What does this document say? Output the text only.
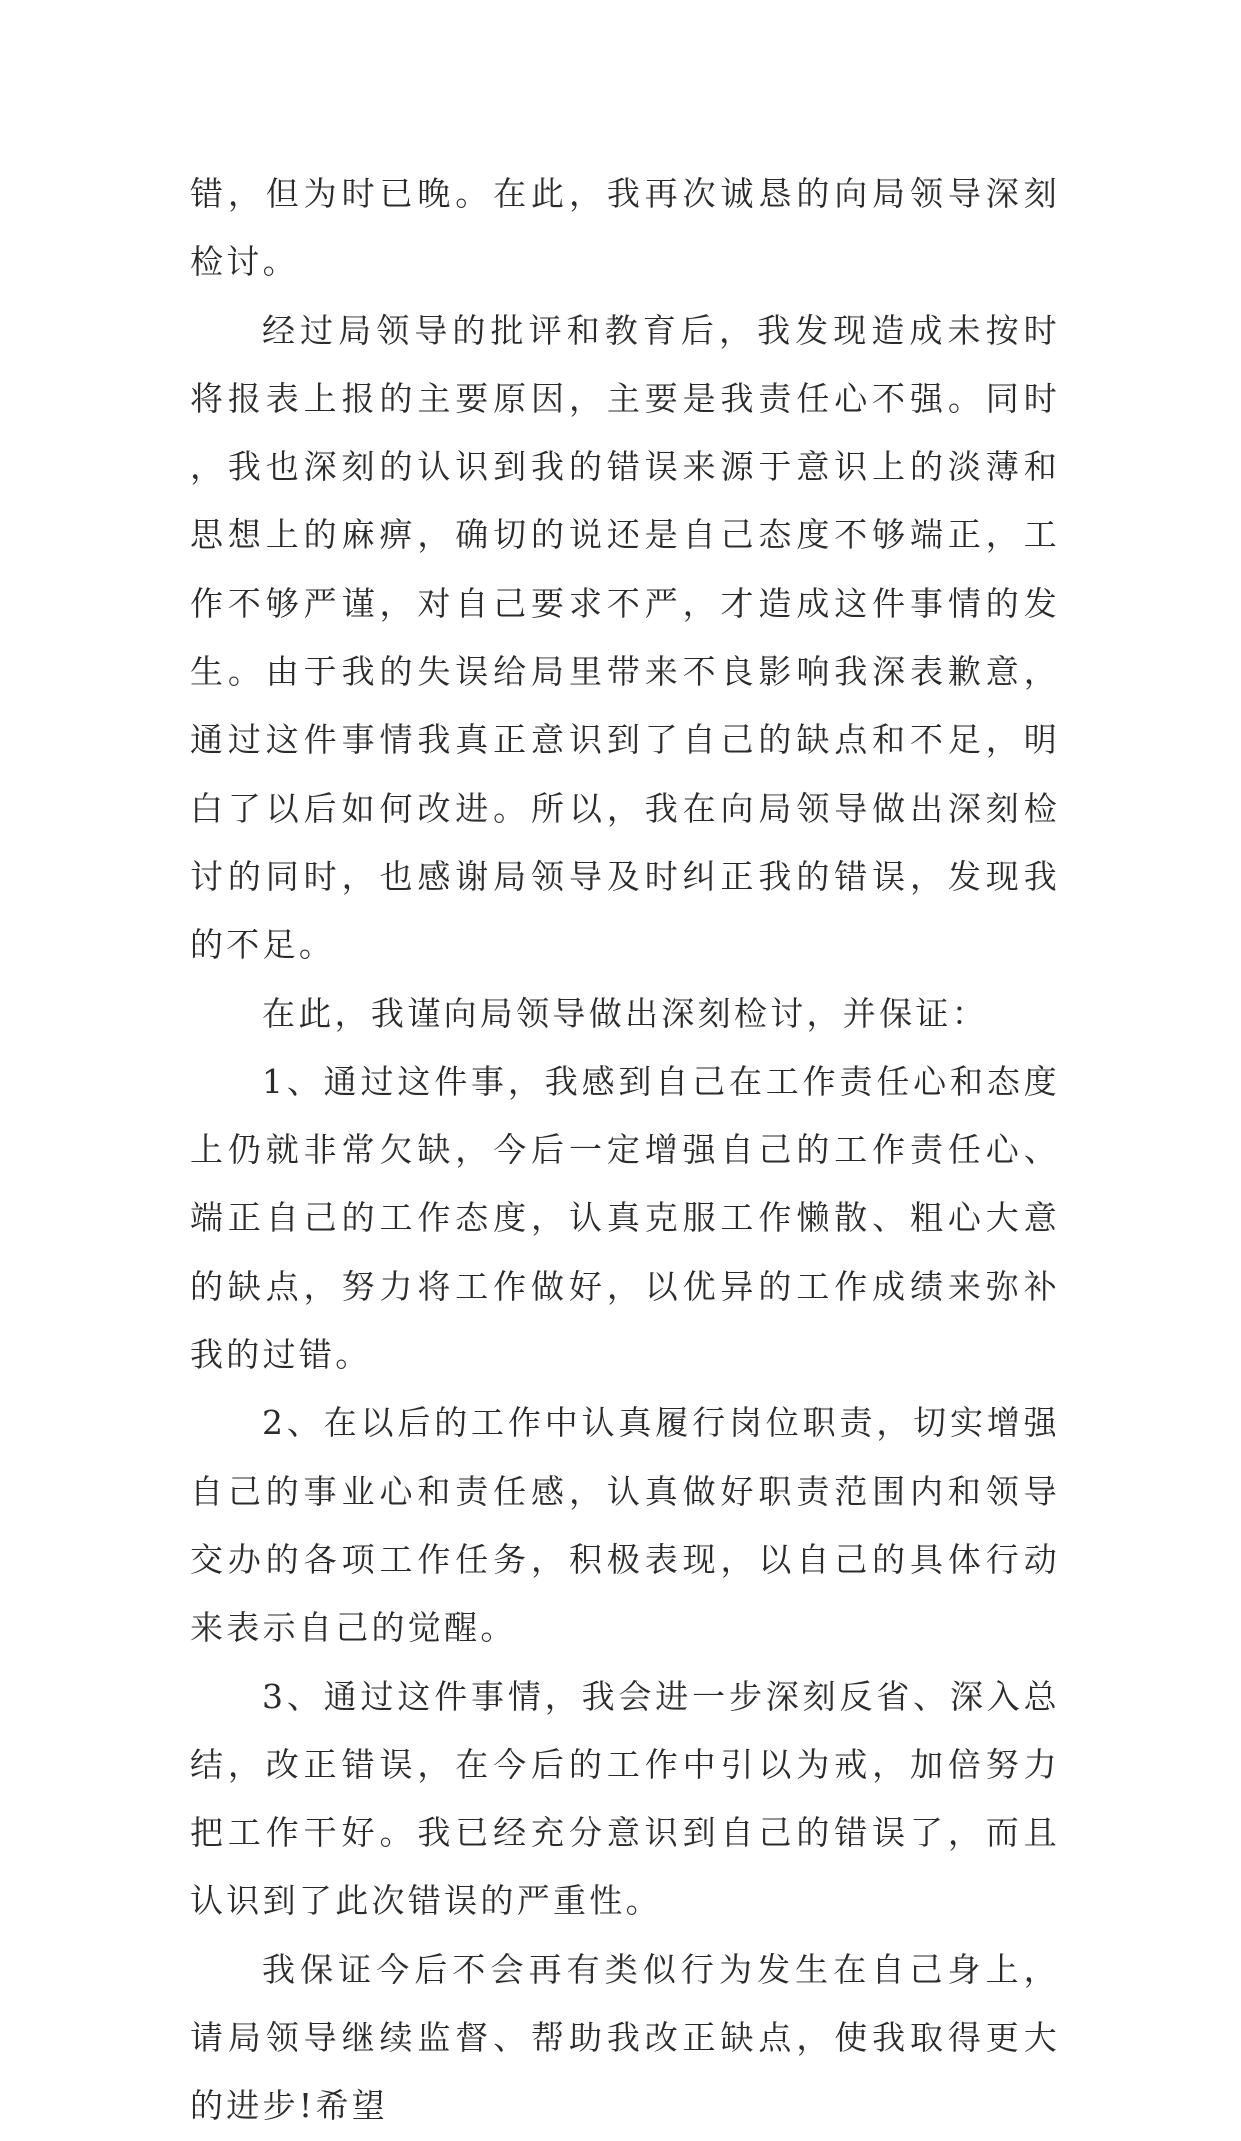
错，但为时已晚。在此，我再次诚恳的向局领导深刻检讨。

经过局领导的批评和教育后，我发现造成未按时将报表上报的主要原因，主要是我责任心不强。同时，我也深刻的认识到我的错误来源于意识上的淡薄和思想上的麻痹，确切的说还是自己态度不够端正，工作不够严谨，对自己要求不严，才造成这件事情的发生。由于我的失误给局里带来不良影响我深表歉意，通过这件事情我真正意识到了自己的缺点和不足，明白了以后如何改进。所以，我在向局领导做出深刻检讨的同时，也感谢局领导及时纠正我的错误，发现我的不足。

在此，我谨向局领导做出深刻检讨，并保证：

1、通过这件事，我感到自己在工作责任心和态度上仍就非常欠缺，今后一定增强自己的工作责任心、端正自己的工作态度，认真克服工作懒散、粗心大意的缺点，努力将工作做好，以优异的工作成绩来弥补我的过错。

2、在以后的工作中认真履行岗位职责，切实增强自己的事业心和责任感，认真做好职责范围内和领导交办的各项工作任务，积极表现，以自己的具体行动来表示自己的觉醒。

3、通过这件事情，我会进一步深刻反省、深入总结，改正错误，在今后的工作中引以为戒，加倍努力把工作干好。我已经充分意识到自己的错误了，而且认识到了此次错误的严重性。

我保证今后不会再有类似行为发生在自己身上，请局领导继续监督、帮助我改正缺点，使我取得更大的进步!希望
